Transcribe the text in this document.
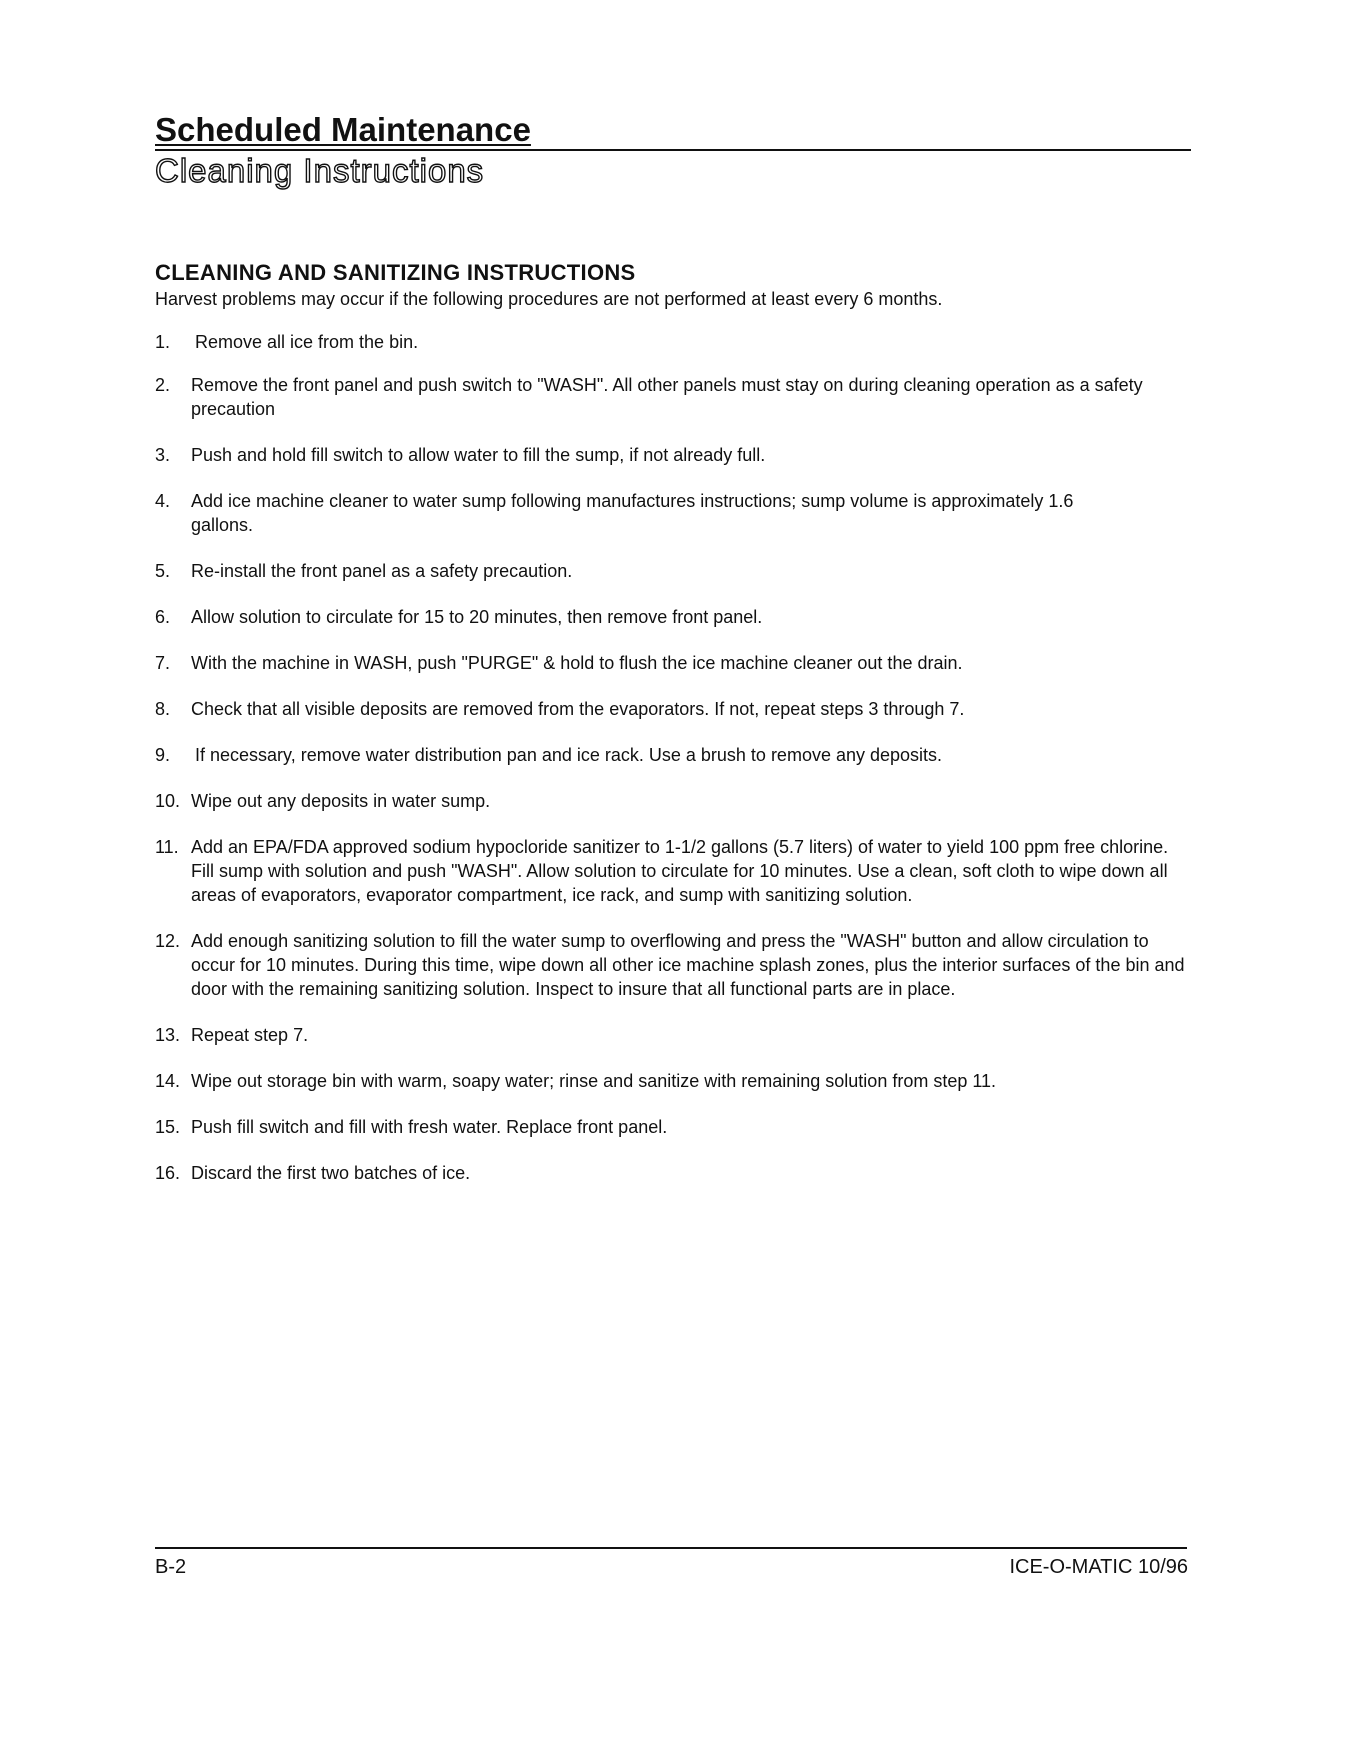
Scheduled Maintenance
Cleaning Instructions
CLEANING AND SANITIZING INSTRUCTIONS
Harvest problems may occur if the following procedures are not performed at least every 6 months.
1. Remove all ice from the bin.
2. Remove the front panel and push switch to "WASH". All other panels must stay on during cleaning operation as a safety precaution
3. Push and hold fill switch to allow water to fill the sump, if not already full.
4. Add ice machine cleaner to water sump following manufactures instructions; sump volume is approximately 1.6 gallons.
5. Re-install the front panel as a safety precaution.
6. Allow solution to circulate for 15 to 20 minutes, then remove front panel.
7. With the machine in WASH, push "PURGE" & hold to flush the ice machine cleaner out the drain.
8. Check that all visible deposits are removed from the evaporators. If not, repeat steps 3 through 7.
9. If necessary, remove water distribution pan and ice rack. Use a brush to remove any deposits.
10. Wipe out any deposits in water sump.
11. Add an EPA/FDA approved sodium hypocloride sanitizer to 1-1/2 gallons (5.7 liters) of water to yield 100 ppm free chlorine. Fill sump with solution and push "WASH". Allow solution to circulate for 10 minutes. Use a clean, soft cloth to wipe down all areas of evaporators, evaporator compartment, ice rack, and sump with sanitizing solution.
12. Add enough sanitizing solution to fill the water sump to overflowing and press the "WASH" button and allow circulation to occur for 10 minutes. During this time, wipe down all other ice machine splash zones, plus the interior surfaces of the bin and door with the remaining sanitizing solution. Inspect to insure that all functional parts are in place.
13. Repeat step 7.
14. Wipe out storage bin with warm, soapy water; rinse and sanitize with remaining solution from step 11.
15. Push fill switch and fill with fresh water. Replace front panel.
16. Discard the first two batches of ice.
B-2	ICE-O-MATIC 10/96
